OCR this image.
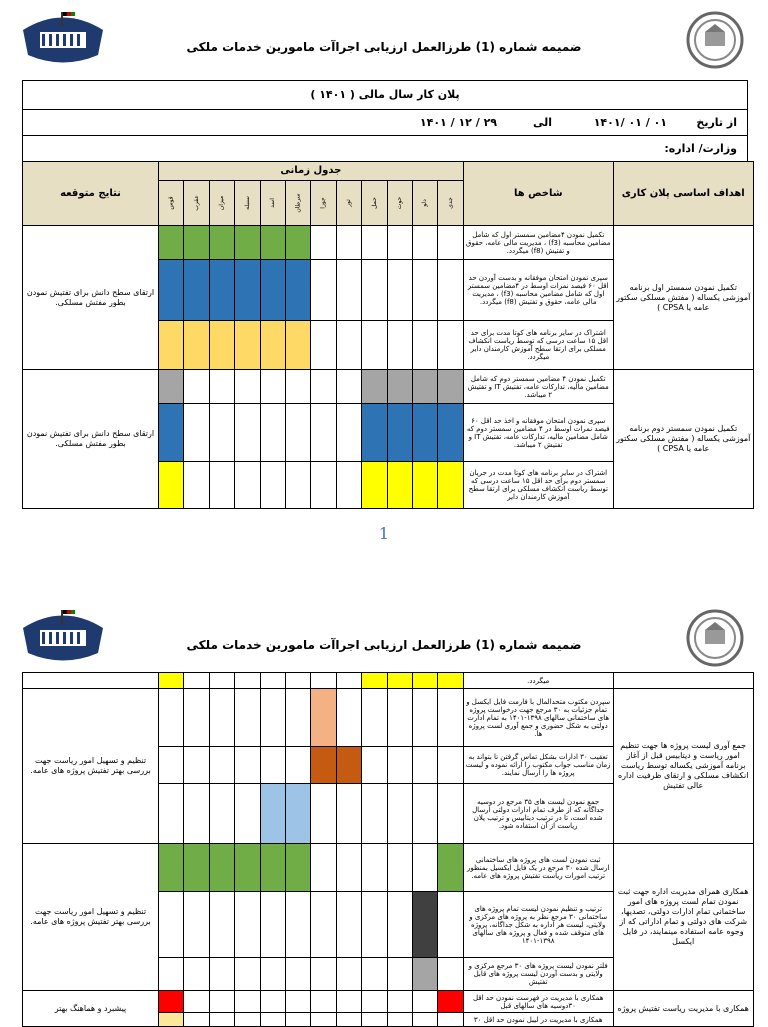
ضمیمه شماره (1) طرزالعمل ارزیابی اجراآت مامورین خدمات ملکی
پلان کار سال مالی ( ۱۴۰۱ )
از تاریخ
۰۱ / ۰۱ /۱۴۰۱
الی
۲۹ / ۱۲ / ۱۴۰۱
وزارت/ اداره:
اهداف اساسی پلان کاری	شاخص ها	جدول زمانی												نتایج متوقعه
		جدی	دلو	حوت	حمل	ثور	جوزا	سرطان	اسد	سنبله	میزان	عقرب	قوس	
تکمیل نمودن سمستر اول برنامه آموزشی یکساله ( مفتش مسلکی سکتور عامه یا CPSA )	تکمیل نمودن ۴مضامین سمستر اول که شامل مضامین محاسبه (f3) ، مدیریت مالی عامه، حقوق و تفتیش (f8) میگردد.													ارتقای سطح دانش برای تفتیش نمودن بطور مفتش مسلکی.
	سپری نمودن امتحان موفقانه و بدست آوردن حد اقل ۶۰ فیصد نمرات اوسط در ۴مضامین سمستر اول که شامل مضامین محاسبه (f3) ، مدیریت مالی عامه، حقوق و تفتیش (f8) میگردد.													
	اشتراک در سایر برنامه های کوتا مدت برای حد اقل ۱۵ ساعت درسی که توسط ریاست انکشاف مسلکی برای ارتقا سطح آموزش کارمندان دایر میگردد.													
تکمیل نمودن سمستر دوم برنامه آموزشی یکساله ( مفتش مسلکی سکتور عامه یا CPSA )	تکمیل نمودن ۴ مضامین سمستر دوم که شامل مضامین مالیه، تدارکات عامه، تفتیش IT و تفتیش ۲ میباشد.													ارتقای سطح دانش برای تفتیش نمودن بطور مفتش مسلکی.
	سپری نمودن امتحان موفقانه و اخذ حد اقل ۶۰ فیصد نمرات اوسط در ۴ مضامین سمستر دوم که شامل مضامین مالیه، تدارکات عامه، تفتیش IT و تفتیش ۲ میباشد.													
	اشتراک در سایر برنامه های کوتا مدت در جریان سمستر دوم برای حد اقل ۱۵ ساعت درسی که توسط ریاست انکشاف مسلکی برای ارتقا سطح آموزش کارمندان دایر													
1
ضمیمه شماره (1) طرزالعمل ارزیابی اجراآت مامورین خدمات ملکی
	میگردد.													
جمع آوری لیست پروژه ها جهت تنظیم امور ریاست و دیتابیس قبل از آغاز برنامه آموزشی یکساله توسط ریاست انکشاف مسلکی و ارتقای ظرفیت اداره عالی تفتیش	سپردن مکتوب متحدالمال با فارمت فایل ایکسل و تمام جزئیات به ۳۰ مرجع جهت درخواست پروژه های ساختمانی سالهای ۱۳۹۸-۱۴۰۱ به تمام ادارت دولتی به شکل حضوری و جمع آوری لست پروژه ها.													تنظیم و تسهیل امور ریاست جهت بررسی بهتر تفتیش پروژه های عامه.
	تعقیب ۳۰ ادارات بشکل تماس گرفتن تا بتواند به زمان مناسب جواب مکتوب را ارائه نموده و لیست پروژه ها را ارسال نمایند.													
	جمع نمودن لیست های ۳۵ مرجع در دوسیه جداگانه که از طرف تمام ادارات دولتی ارسال شده است، تا در ترتیب دیتابیس و ترتیب پلان ریاست از آن استفاده شود.													
همکاری همرای مدیریت اداره جهت ثبت نمودن تمام لست پروژه های امور ساختمانی تمام ادارات دولتی، تصدیها، شرکت های دولتی و تمام اداراتی که از وجوه عامه استفاده مینمایند، در فایل ایکسل	ثبت نمودن لست های پروژه های ساختمانی ارسال شده ۳۰ مرجع در یک فایل ایکسیل بمنظور ترتیب امورات ریاست تفتیش پروژه های عامه.													تنظیم و تسهیل امور ریاست جهت بررسی بهتر تفتیش پروژه های عامه.
	ترتیب و تنظیم نمودن لیست تمام پروژه های ساختمانی ۳۰ مرجع نظر به پروژه های مرکزی و ولایتی، لیست هر اداره به شکل جداگانه، پروژه های متوقف شده و فعال و پروژه های سالهای ۱۳۹۸-۱۴۰۱													
	فلتر نمودن لیست پروژه های ۳۰ مرجع مرکزی و ولایتی و بدست آوردن لیست پروژه های قابل تفتیش													
همکاری با مدیریت ریاست تفتیش پروژه	همکاری با مدیریت در فهرست نمودن حد اقل ۳۰دوسیه های سالهای قبل													پیشبرد و هماهنگ بهتر
	همکاری با مدیریت در لیبل نمودن حد اقل ۳۰													
